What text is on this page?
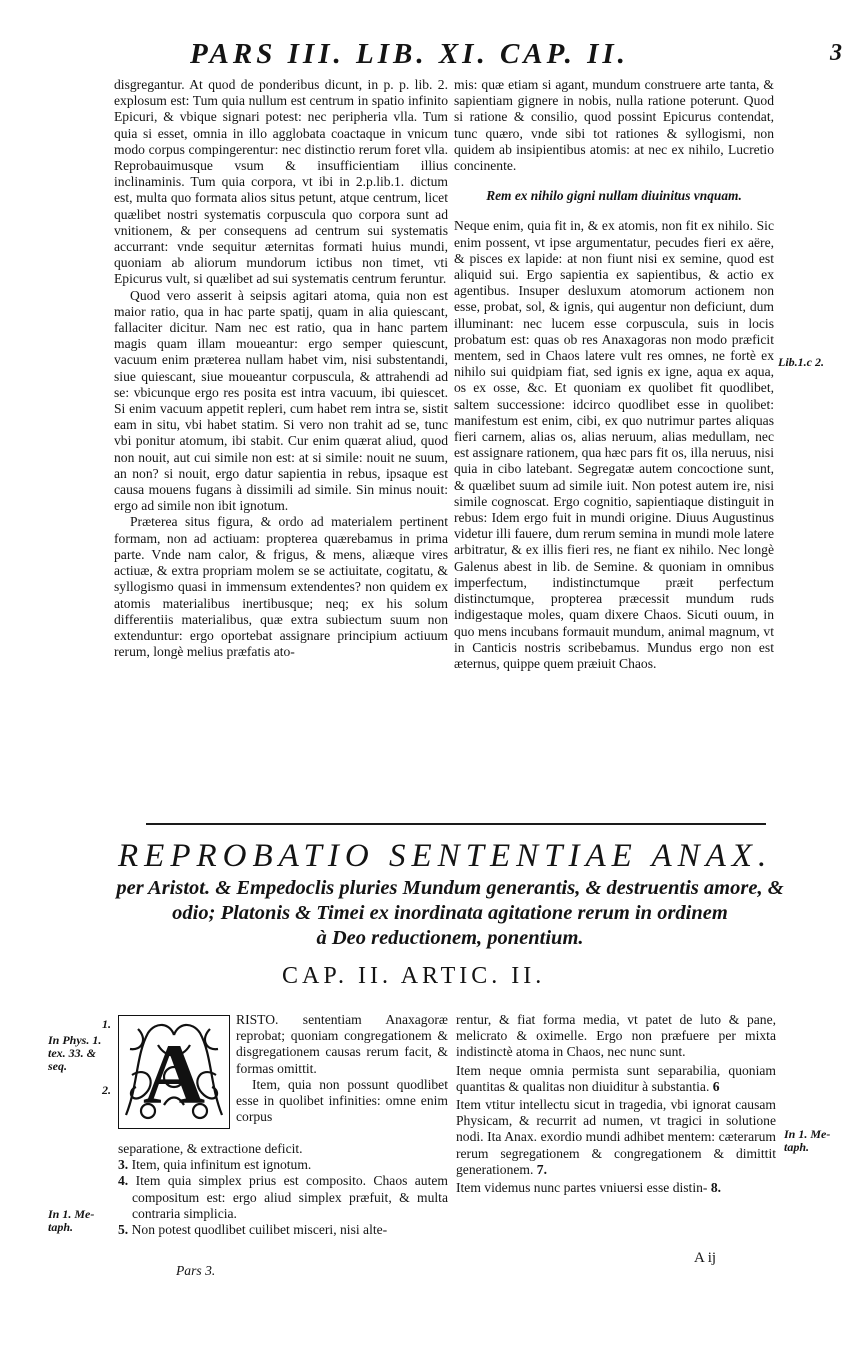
PARS III. LIB. XI. CAP. II.	3

disgregantur. At quod de ponderibus dicunt, in p. p. lib. 2. explosum est: Tum quia nullum est centrum in spatio infinito Epicuri, & vbique signari potest: nec peripheria vlla. Tum quia si esset, omnia in illo agglobata coactaque in vnicum modo corpus compingerentur: nec distinctio rerum foret vlla. Reprobauimusque vsum & insufficientiam illius inclinaminis. Tum quia corpora, vt ibi in 2.p.lib.1. dictum est, multa quo formata alios situs petunt, atque centrum, licet quælibet nostri systematis corpuscula quo corpora sunt ad vnitionem, & per consequens ad centrum sui systematis accurrant: vnde sequitur æternitas formati huius mundi, quoniam ab aliorum mundorum ictibus non timet, vti Epicurus vult, si quælibet ad sui systematis centrum feruntur.

Quod vero asserit à seipsis agitari atoma, quia non est maior ratio, qua in hac parte spatij, quam in alia quiescant, fallaciter dicitur. Nam nec est ratio, qua in hanc partem magis quam illam moueantur: ergo semper quiescunt, vacuum enim præterea nullam habet vim, nisi substentandi, siue quiescant, siue moueantur corpuscula, & attrahendi ad se: vbicunque ergo res posita est intra vacuum, ibi quiescet. Si enim vacuum appetit repleri, cum habet rem intra se, sistit eam in situ, vbi habet statim. Si vero non trahit ad se, tunc vbi ponitur atomum, ibi stabit. Cur enim quærat aliud, quod non nouit, aut cui simile non est: at si simile: nouit ne suum, an non? si nouit, ergo datur sapientia in rebus, ipsaque est causa mouens fugans à dissimili ad simile. Sin minus nouit: ergo ad simile non ibit ignotum.

Præterea situs figura, & ordo ad materialem pertinent formam, non ad actiuam: propterea quærebamus in prima parte. Vnde nam calor, & frigus, & mens, aliæque vires actiuæ, & extra propriam molem se se actiuitate, cogitatu, & syllogismo quasi in immensum extendentes? non quidem ex atomis materialibus inertibusque; neq; ex his solum differentiis materialibus, quæ extra subiectum suum non extenduntur: ergo oportebat assignare principium actiuum rerum, longè melius præfatis ato-

mis: quæ etiam si agant, mundum construere arte tanta, & sapientiam gignere in nobis, nulla ratione poterunt. Quod si ratione & consilio, quod possint Epicurus contendat, tunc quæro, vnde sibi tot rationes & syllogismi, non quidem ab insipientibus atomis: at nec ex nihilo, Lucretio concinente.

Rem ex nihilo gigni nullam diuinitus vnquam.

Neque enim, quia fit in, & ex atomis, non fit ex nihilo. Sic enim possent, vt ipse argumentatur, pecudes fieri ex aëre, & pisces ex lapide: at non fiunt nisi ex semine, quod est aliquid sui. Ergo sapientia ex sapientibus, & actio ex agentibus. Insuper desluxum atomorum actionem non esse, probat, sol, & ignis, qui augentur non deficiunt, dum illuminant: nec lucem esse corpuscula, suis in locis probatum est: quas ob res Anaxagoras non modo præficit mentem, sed in Chaos latere vult res omnes, ne fortè ex nihilo sui quidpiam fiat, sed ignis ex igne, aqua ex aqua, os ex osse, &c. Et quoniam ex quolibet fit quodlibet, saltem successione: idcirco quodlibet esse in quolibet: manifestum est enim, cibi, ex quo nutrimur partes aliquas fieri carnem, alias os, alias neruum, alias medullam, nec est assignare rationem, qua hæc pars fit os, illa neruus, nisi quia in cibo latebant. Segregatæ autem concoctione sunt, & quælibet suum ad simile iuit. Non potest autem ire, nisi simile cognoscat. Ergo cognitio, sapientiaque distinguit in rebus: Idem ergo fuit in mundi origine. Diuus Augustinus videtur illi fauere, dum rerum semina in mundi mole latere arbitratur, & ex illis fieri res, ne fiant ex nihilo. Nec longè Galenus abest in lib. de Semine. & quoniam in omnibus imperfectum, indistinctumque præit perfectum distinctumque, propterea præcessit mundum ruds indigestaque moles, quam dixere Chaos. Sicuti ouum, in quo mens incubans formauit mundum, animal magnum, vt in Canticis nostris scribebamus. Mundus ergo non est æternus, quippe quem præiuit Chaos.

Lib.1.c 2.
REPROBATIO SENTENTIAE ANAX.
per Aristot. & Empedoclis pluries Mundum generantis, & destruentis amore, &
odio; Platonis & Timei ex inordinata agitatione rerum in ordinem
à Deo reductionem, ponentium.
CAP. II. ARTIC. II.
A

RISTO. sententiam Anaxagoræ reprobat; quoniam congregationem & disgregationem causas rerum facit, & formas omittit.

Item, quia non possunt quodlibet esse in quolibet infinities: omne enim corpus

1.
In Phys. 1.
tex. 33. &
seq.
2.

separatione, & extractione deficit.

3. Item, quia infinitum est ignotum.

4. Item quia simplex prius est composito. Chaos autem compositum est: ergo aliud simplex præfuit, & multa contraria simplicia.

5. Non potest quodlibet cuilibet misceri, nisi alte-

In 1. Me-
taph.

rentur, & fiat forma media, vt patet de luto & pane, melicrato & oximelle. Ergo non præfuere per mixta indistinctè atoma in Chaos, nec nunc sunt.

Item neque omnia permista sunt separabilia, quoniam quantitas & qualitas non diuiditur à substantia. 6

Item vtitur intellectu sicut in tragedia, vbi ignorat causam Physicam, & recurrit ad numen, vt tragici in solutione nodi. Ita Anax. exordio mundi adhibet mentem: cæterarum rerum segregationem & congregationem & dimittit generationem. 7.

Item videmus nunc partes vniuersi esse distin- 8.

In 1. Me-
taph.
Pars 3.
A ij
